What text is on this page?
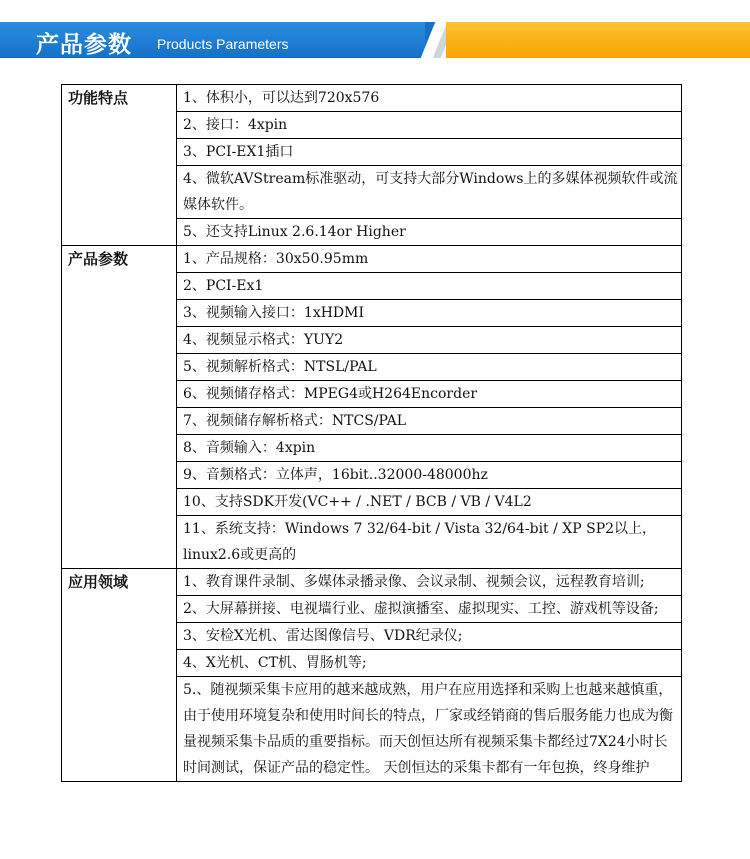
产品参数 Products Parameters
功能特点	1、体积小，可以达到720x576
	2、接口：4xpin
	3、PCI-EX1插口
	4、微软AVStream标准驱动，可支持大部分Windows上的多媒体视频软件或流媒体软件。
	5、还支持Linux 2.6.14or Higher
产品参数	1、产品规格：30x50.95mm
	2、PCI-Ex1
	3、视频输入接口：1xHDMI
	4、视频显示格式：YUY2
	5、视频解析格式：NTSL/PAL
	6、视频储存格式：MPEG4或H264Encorder
	7、视频储存解析格式：NTCS/PAL
	8、音频输入：4xpin
	9、音频格式：立体声，16bit..32000-48000hz
	10、支持SDK开发(VC++ / .NET / BCB / VB / V4L2
	11、系统支持：Windows 7 32/64-bit / Vista 32/64-bit / XP SP2以上，linux2.6或更高的
应用领域	1、教育课件录制、多媒体录播录像、会议录制、视频会议，远程教育培训;
	2、大屏幕拼接、电视墙行业、虚拟演播室、虚拟现实、工控、游戏机等设备;
	3、安检X光机、雷达图像信号、VDR纪录仪;
	4、X光机、CT机、胃肠机等;
	5.、随视频采集卡应用的越来越成熟，用户在应用选择和采购上也越来越慎重，由于使用环境复杂和使用时间长的特点，厂家或经销商的售后服务能力也成为衡量视频采集卡品质的重要指标。而天创恒达所有视频采集卡都经过7X24小时长时间测试，保证产品的稳定性。 天创恒达的采集卡都有一年包换，终身维护
